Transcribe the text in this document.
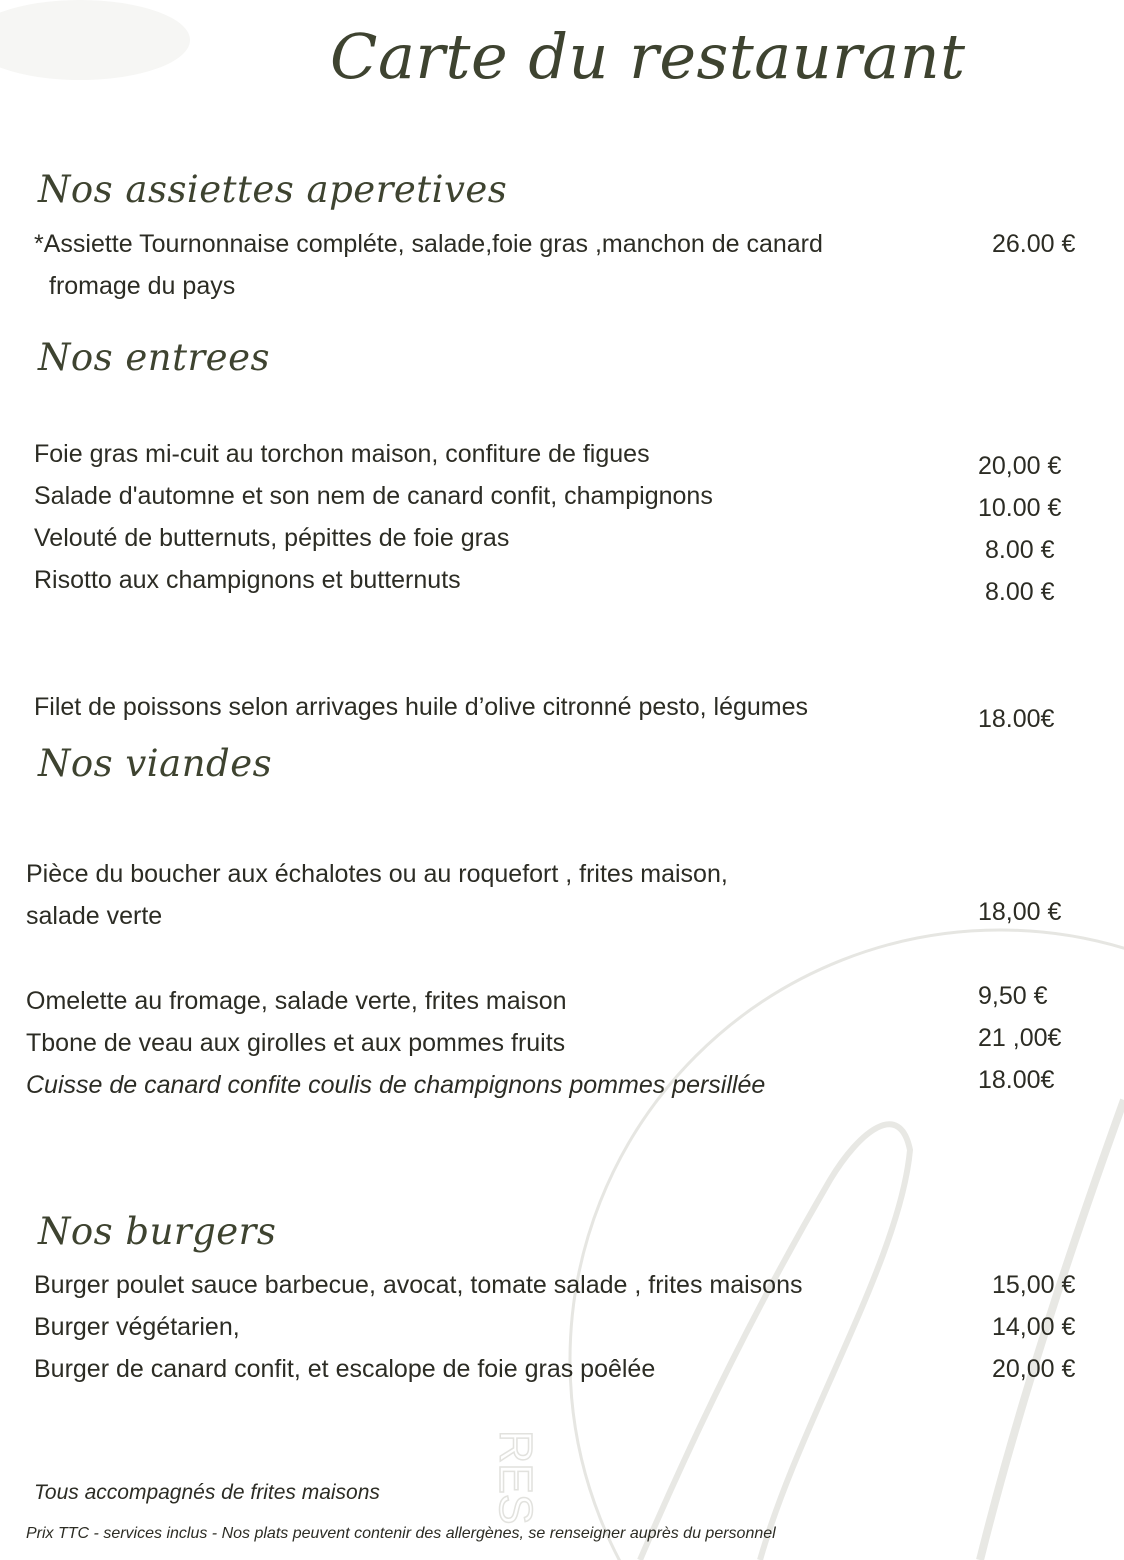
RES
Carte du restaurant
Nos assiettes aperetives
*Assiette Tournonnaise compléte, salade,foie gras ,manchon de canard
fromage du pays
26.00 €
Nos entrees
Foie gras mi-cuit au torchon maison, confiture de figues	20,00 €
Salade d'automne et son nem de canard confit, champignons	10.00 €
Velouté de butternuts, pépittes de foie gras	8.00 €
Risotto aux champignons et butternuts	8.00 €
Filet de poissons selon arrivages huile d’olive citronné pesto, légumes	18.00€
Nos viandes
Pièce du boucher aux échalotes ou au roquefort , frites maison,
salade verte	18,00 €
Omelette au fromage, salade verte, frites maison	9,50 €
Tbone de veau aux girolles et aux pommes fruits	21 ,00€
Cuisse de canard confite coulis de champignons pommes persillée	18.00€
Nos burgers
Burger poulet sauce barbecue, avocat, tomate salade , frites maisons	15,00 €
Burger végétarien,	14,00 €
Burger de canard confit, et escalope de foie gras poêlée	20,00 €
Tous accompagnés de frites maisons
Prix TTC - services inclus - Nos plats peuvent contenir des allergènes, se renseigner auprès du personnel
